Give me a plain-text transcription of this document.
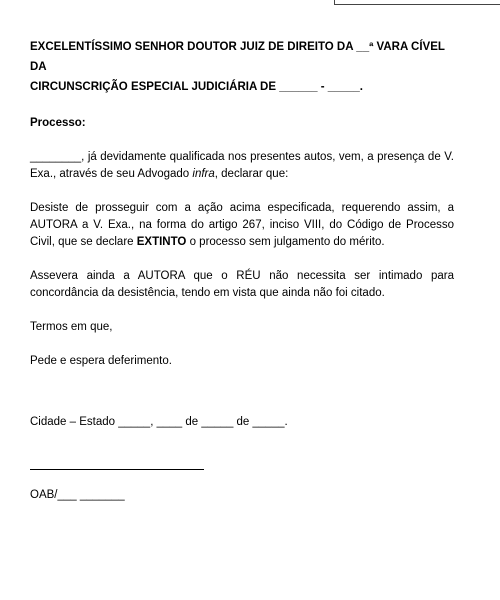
EXCELENTÍSSIMO SENHOR DOUTOR JUIZ DE DIREITO DA __ª VARA CÍVEL DA

CIRCUNSCRIÇÃO ESPECIAL JUDICIÁRIA DE ______ - _____.

Processo:

________, já devidamente qualificada nos presentes autos, vem, a presença de V. Exa., através de seu Advogado infra, declarar que:

Desiste de prosseguir com a ação acima especificada, requerendo assim, a AUTORA a V. Exa., na forma do artigo 267, inciso VIII, do Código de Processo Civil, que se declare EXTINTO o processo sem julgamento do mérito.

Assevera ainda a AUTORA que o RÉU não necessita ser intimado para concordância da desistência, tendo em vista que ainda não foi citado.

Termos em que,

Pede e espera deferimento.

Cidade – Estado _____, ____ de _____ de _____.

OAB/___ _______
